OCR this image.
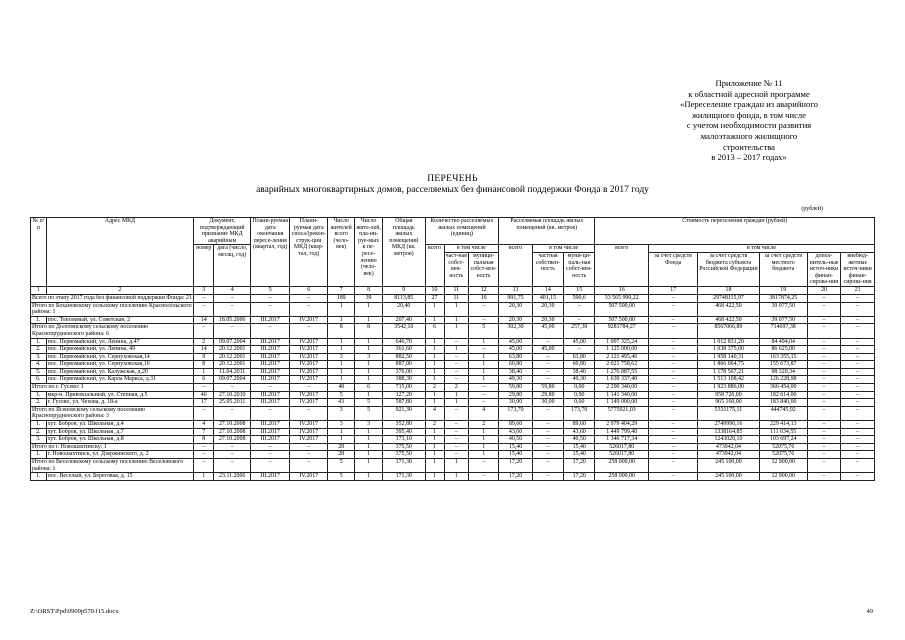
Приложение № 11
к областной адресной программе
«Переселение граждан из аварийного
жилищного фонда, в том числе
с учетом необходимости развития
малоэтажного жилищного
строительства
в 2013 – 2017 годах»
ПЕРЕЧЕНЬ
аварийных многоквартирных домов, расселяемых без финансовой поддержки Фонда в 2017 году
(рублей)
№ п/п	Адрес МКД	Документ, подтверждающий признание МКД аварийным		Плани-руемая дата окончания пересе-ления (квартал, год)	Плани-руемая дата сноса/(рекон-струк-ции МКД (квар-тал, год)	Число жителей всего (чело-век)	Число жите-лей, пла-ни-руе-мых к пе-ресе-лению (чело-век)	Общая площадь жилых помещений МКД (кв. метров)	Количество расселяемых жилых помещений (единиц)			Расселяемая площадь жилых помещений (кв. метров)			Стоимость переселения граждан (рублей)					
		номер	дата (число, месяц, год)						всего	в том числе		всего	в том числе		всего	в том числе				
										част-ная собст-вен-ность	муници-пальная собст-вен-ность		частная собствен-ность	муни-ци-паль-ная собст-вен-ность		за счет средств Фонда	за счет средств бюджета субъекта Российской Федерации	за счет средств местного бюджета	допол-нитель-ные источ-ники финан-сирова-ния	внебюд-жетные источ-ники финан-сирова-ния
1	2	3	4	5	6	7	8	9	10	11	12	13	14	15	16	17	18	19	20	21
Всего по этапу 2017 года без финансовой поддержки Фонда: 21		–	–	–	–	189	39	8113,85	27	11	16	991,75	401,15	590,6	33 565 990,22	–	29748115,97	3817874,25	–	–
Итого по Бохановскому сельскому поселению Красносельского района: 1		–	–	–	–	1	1	20,40	1	1	–	20,30	20,30	–	507 500,00	–	468 422,50	39 077,50	–	–
1.	пос. Тополевый, ул. Советская, 2	14	18.05.2006	III.2017	IV.2017	1	1	207,40	1	1	–	20,30	20,30	–	507 500,00	–	468 422,50	39 077,50	–	–
Итого по Долотянскому сельскому поселению Краснопрудненского района: 6		–	–	–	–	8	8	3542,10	6	1	5	302,30	45,00	257,30	9281784,27	–	8567066,89	714697,38	–	–
1.	пос. Первомайский, ул. Ленина, д.47	2	09.07.2004	III.2017	IV.2017	1	1	646,70	1	–	1	45,00	–	45,00	1 097 325,24	–	1 012 831,20	84 494,04	–	–
2.	пос. Первомайский, ул. Ленина, 49	14	20.12.2001	III.2017	IV.2017	1	1	361,60	1	1	–	45,00	45,00	–	1 125 000,00	–	1 038 375,00	86 625,00	–	–
3.	пос. Первомайский, ул. Сернуховская,14	9	20.12.2001	III.2017	IV.2017	3	3	882,50	1	–	1	63,80	–	63,80	2 121 495,46	–	1 958 140,31	163 355,15	–	–
4.	пос. Первомайский, ул. Сернуховская,16	8	20.12.2001	III.2017	IV.2017	1	1	887,00	1	–	1	60,80	–	60,80	2 021 758,62	–	1 866 064,75	155 673,87	–	–
5.	пос. Первомайский, ул. Калужская, д.20	1	11.04.2011	III.2017	IV.2017	1	1	376,00	1	–	1	38,40	–	38,40	1 276 887,55	–	1 178 567,21	98 320,34	–	–
6.	пос. Первомайский, ул. Карла Маркса, д.31	6	09.07.2004	III.2017	IV.2017	1	1	388,30	1	–	1	49,30	–	49,30	1 639 337,40	–	1 513 108,42	126 228,98	–	–
Итого по г. Гусево: 1		–	–	–	–	48	6	715,00	2	2	–	59,80	59,80	0,00	2 290 340,00	–	1 923 886,00	366 454,00	–	–
1.	мкр-н. Привокзальный, ул. Степная, д.5	46	27.10.2010	III.2017	IV.2017	5	1	127,20	1	1	–	29,80	29,80	0,00	1 141 340,00	–	958 726,00	182 614,00	–	–
2.	г. Гусево, ул. Чехова, д. 18-а	17	25.05.2011	III.2017	IV.2017	43	5	587,80	1	1	–	30,00	30,00	0,00	1 149 000,00	–	965 160,00	183 840,00	–	–
Итого по Ясеновскому сельскому поселению Краснопрудненского района: 3		–	–	–	–	3	5	921,30	4	–	4	173,70	–	173,70	5775921,03	–	5331175,11	444745,92	–	–
1.	хут. Бобров, ул. Школьная, д.4	4	27.10.2008	III.2017	IV.2017	3	3	352,80	2	–	2	89,60	–	89,60	2 979 404,29	–	2749990,16	229 414,13	–	–
2.	хут. Бобров, ул. Школьная, д.7	7	27.10.2008	III.2017	IV.2017	1	1	395,40	1	–	1	43,60	–	43,60	1 449 799,40	–	1338164,85	111 634,55	–	–
3.	хут. Бобров, ул. Школьная, д.8	8	27.10.2008	III.2017	IV.2017	1	1	173,10	1	–	1	40,50	–	40,50	1 346 717,34	–	1243020,10	103 697,24	–	–
Итого по г. Новошахтинску: 1		–	–	–	–	28	1	375,50	1	–	1	15,40	–	15,40	526017,80	–	473942,04	52075,76	–	–
1.	г. Новошахтинск, ул. Дзержинского, д. 2	–	–	–	–	28	1	375,50	1	–	1	15,40	–	15,40	526017,80	–	473942,04	52075,76	–	–
Итого по Веселовскому сельскому поселению Веселовского района: 1		–	–	–	–	5	1	171,30	1	1	–	17,20	–	17,20	258 000,00	–	245 100,00	12 900,00	–	–
1.	пос. Веселый, ул. Береговая, д. 15	1	23.11.2006	III.2017	IV.2017	5	1	171,30	1	1	–	17,20	–	17,20	258 000,00	–	245 100,00	12 900,00	–	–
Z:\ORST\Ppd\0909p570.f15.docx	49
